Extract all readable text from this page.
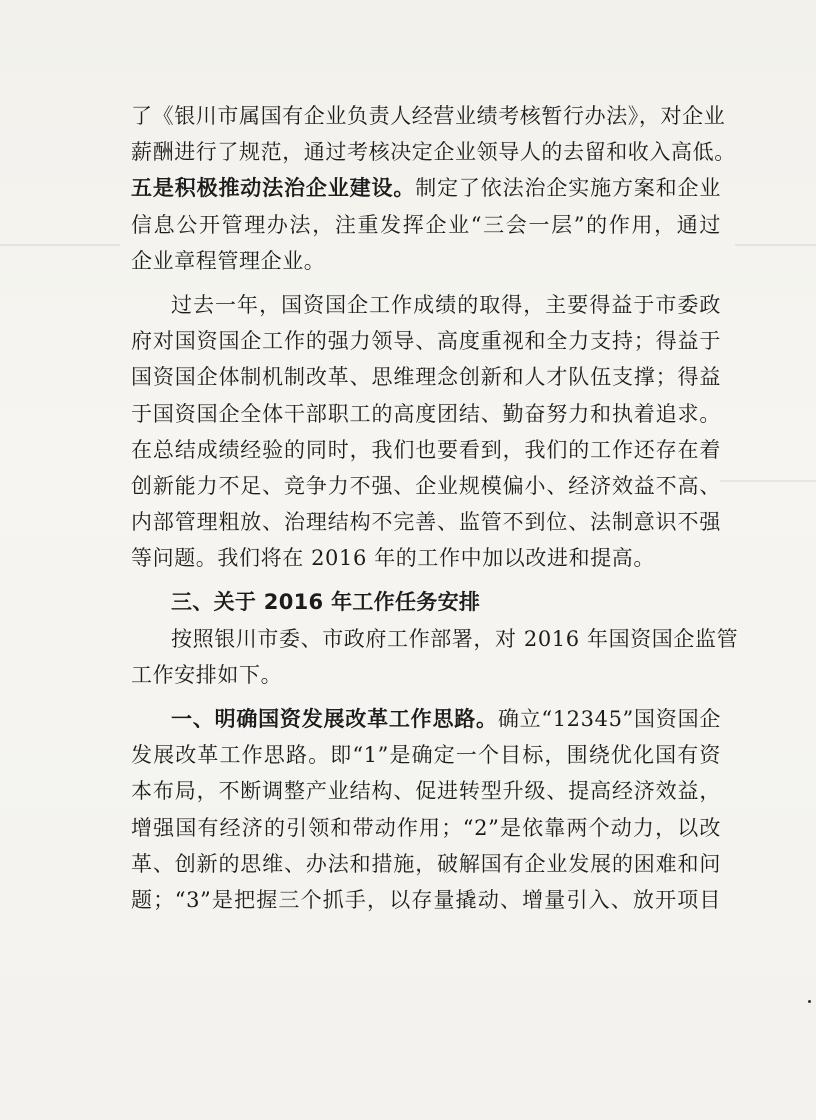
了《银川市属国有企业负责人经营业绩考核暂行办法》，对企业
薪酬进行了规范，通过考核决定企业领导人的去留和收入高低。
五是积极推动法治企业建设。制定了依法治企实施方案和企业
信息公开管理办法，注重发挥企业“三会一层”的作用，通过
企业章程管理企业。
过去一年，国资国企工作成绩的取得，主要得益于市委政
府对国资国企工作的强力领导、高度重视和全力支持；得益于
国资国企体制机制改革、思维理念创新和人才队伍支撑；得益
于国资国企全体干部职工的高度团结、勤奋努力和执着追求。
在总结成绩经验的同时，我们也要看到，我们的工作还存在着
创新能力不足、竞争力不强、企业规模偏小、经济效益不高、
内部管理粗放、治理结构不完善、监管不到位、法制意识不强
等问题。我们将在 2016 年的工作中加以改进和提高。
三、关于 2016 年工作任务安排
按照银川市委、市政府工作部署，对 2016 年国资国企监管
工作安排如下。
一、明确国资发展改革工作思路。确立“12345”国资国企
发展改革工作思路。即“1”是确定一个目标，围绕优化国有资
本布局，不断调整产业结构、促进转型升级、提高经济效益，
增强国有经济的引领和带动作用；“2”是依靠两个动力，以改
革、创新的思维、办法和措施，破解国有企业发展的困难和问
题；“3”是把握三个抓手，以存量撬动、增量引入、放开项目
